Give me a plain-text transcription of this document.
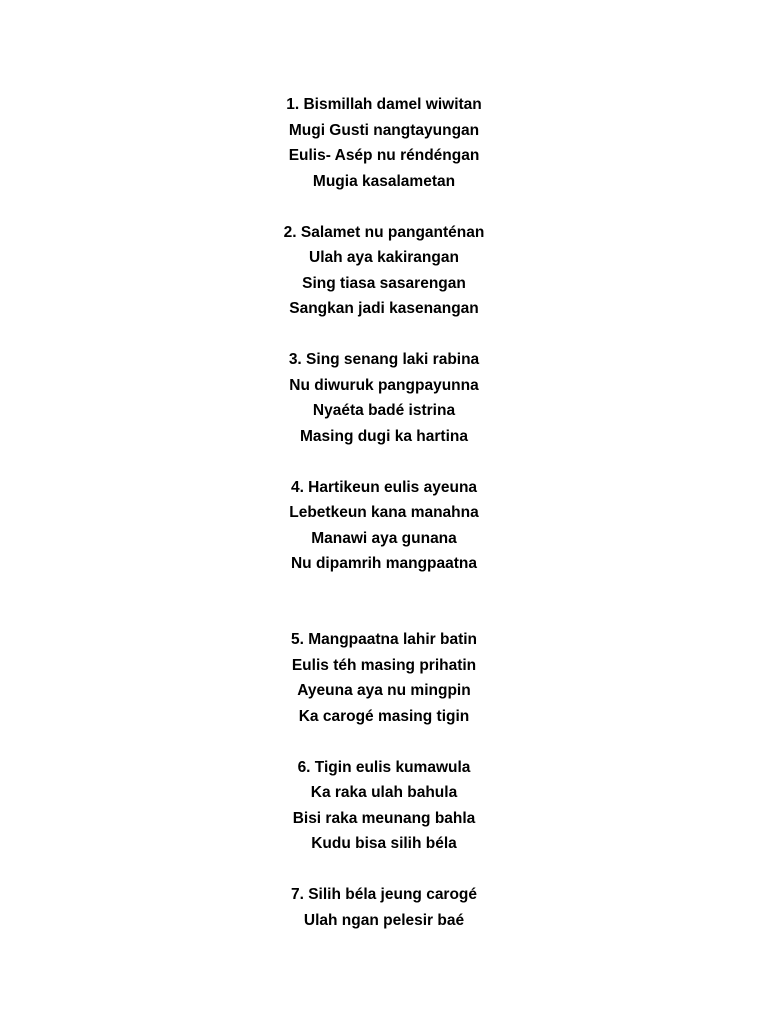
1. Bismillah damel wiwitan
Mugi Gusti nangtayungan
Eulis- Asép nu réndéngan
Mugia kasalametan
2. Salamet nu panganténan
Ulah aya kakirangan
Sing tiasa sasarengan
Sangkan jadi kasenangan
3. Sing senang laki rabina
Nu diwuruk pangpayunna
Nyaéta badé istrina
Masing dugi ka hartina
4. Hartikeun eulis ayeuna
Lebetkeun kana manahna
Manawi aya gunana
Nu dipamrih mangpaatna
5. Mangpaatna lahir batin
Eulis téh masing prihatin
Ayeuna aya nu mingpin
Ka carogé masing tigin
6. Tigin eulis kumawula
Ka raka ulah bahula
Bisi raka meunang bahla
Kudu bisa silih béla
7. Silih béla jeung carogé
Ulah ngan pelesir baé
